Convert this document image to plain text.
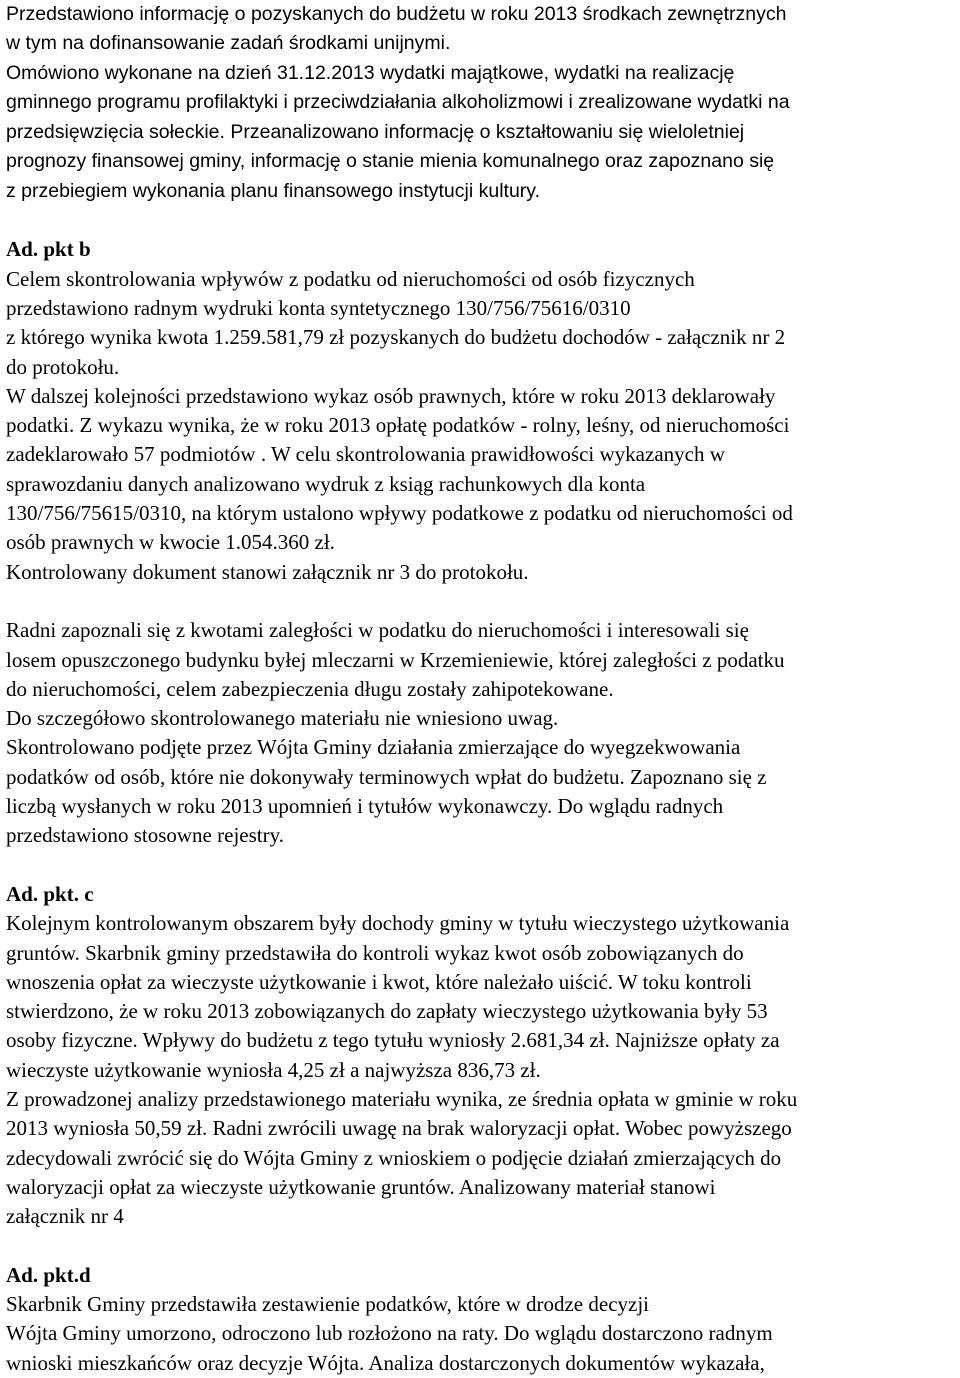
Przedstawiono informację o pozyskanych do budżetu w roku 2013 środkach zewnętrznych
w tym na dofinansowanie zadań środkami unijnymi.
Omówiono wykonane na dzień 31.12.2013 wydatki majątkowe, wydatki na realizację
gminnego programu profilaktyki i przeciwdziałania alkoholizmowi i zrealizowane wydatki na
przedsięwzięcia sołeckie. Przeanalizowano informację o kształtowaniu się wieloletniej
prognozy finansowej gminy, informację o stanie mienia komunalnego oraz zapoznano się
z przebiegiem wykonania planu finansowego instytucji kultury.
Ad. pkt b
Celem skontrolowania wpływów z podatku od nieruchomości od osób fizycznych
przedstawiono radnym wydruki konta syntetycznego 130/756/75616/0310
z którego wynika kwota 1.259.581,79 zł pozyskanych do budżetu dochodów - załącznik nr 2
do protokołu.
W dalszej kolejności przedstawiono wykaz osób prawnych, które w roku 2013 deklarowały
podatki. Z wykazu wynika, że w roku 2013 opłatę podatków - rolny, leśny, od nieruchomości
zadeklarowało 57 podmiotów . W celu skontrolowania prawidłowości wykazanych w
sprawozdaniu danych analizowano wydruk z ksiąg rachunkowych dla konta
130/756/75615/0310, na którym ustalono wpływy podatkowe z podatku od nieruchomości od
osób prawnych w kwocie 1.054.360 zł.
Kontrolowany dokument stanowi załącznik nr 3 do protokołu.
Radni zapoznali się z kwotami zaległości w podatku do nieruchomości i interesowali się
losem opuszczonego budynku byłej mleczarni w Krzemieniewie, której zaległości z podatku
do nieruchomości, celem zabezpieczenia długu zostały zahipotekowane.
Do szczegółowo skontrolowanego materiału nie wniesiono uwag.
Skontrolowano podjęte przez Wójta Gminy działania zmierzające do wyegzekwowania
podatków od osób, które nie dokonywały terminowych wpłat do budżetu. Zapoznano się z
liczbą wysłanych w roku 2013 upomnień i tytułów wykonawczy. Do wglądu radnych
przedstawiono stosowne rejestry.
Ad. pkt. c
Kolejnym kontrolowanym obszarem były dochody gminy w tytułu wieczystego użytkowania
gruntów. Skarbnik gminy przedstawiła do kontroli wykaz kwot osób zobowiązanych do
wnoszenia opłat za wieczyste użytkowanie i kwot, które należało uiścić. W toku kontroli
stwierdzono, że w roku 2013 zobowiązanych do zapłaty wieczystego użytkowania były 53
osoby fizyczne. Wpływy do budżetu z tego tytułu wyniosły 2.681,34 zł. Najniższe opłaty za
wieczyste użytkowanie wyniosła 4,25 zł a najwyższa 836,73 zł.
Z prowadzonej analizy przedstawionego materiału wynika, ze średnia opłata w gminie w roku
2013 wyniosła 50,59 zł. Radni zwrócili uwagę na brak waloryzacji opłat. Wobec powyższego
zdecydowali zwrócić się do Wójta Gminy z wnioskiem o podjęcie działań zmierzających do
waloryzacji opłat za wieczyste użytkowanie gruntów. Analizowany materiał stanowi
załącznik nr 4
Ad. pkt.d
Skarbnik Gminy przedstawiła zestawienie podatków, które w drodze decyzji
Wójta Gminy umorzono, odroczono lub rozłożono na raty. Do wglądu dostarczono radnym
wnioski mieszkańców oraz decyzje Wójta. Analiza dostarczonych dokumentów wykazała,
